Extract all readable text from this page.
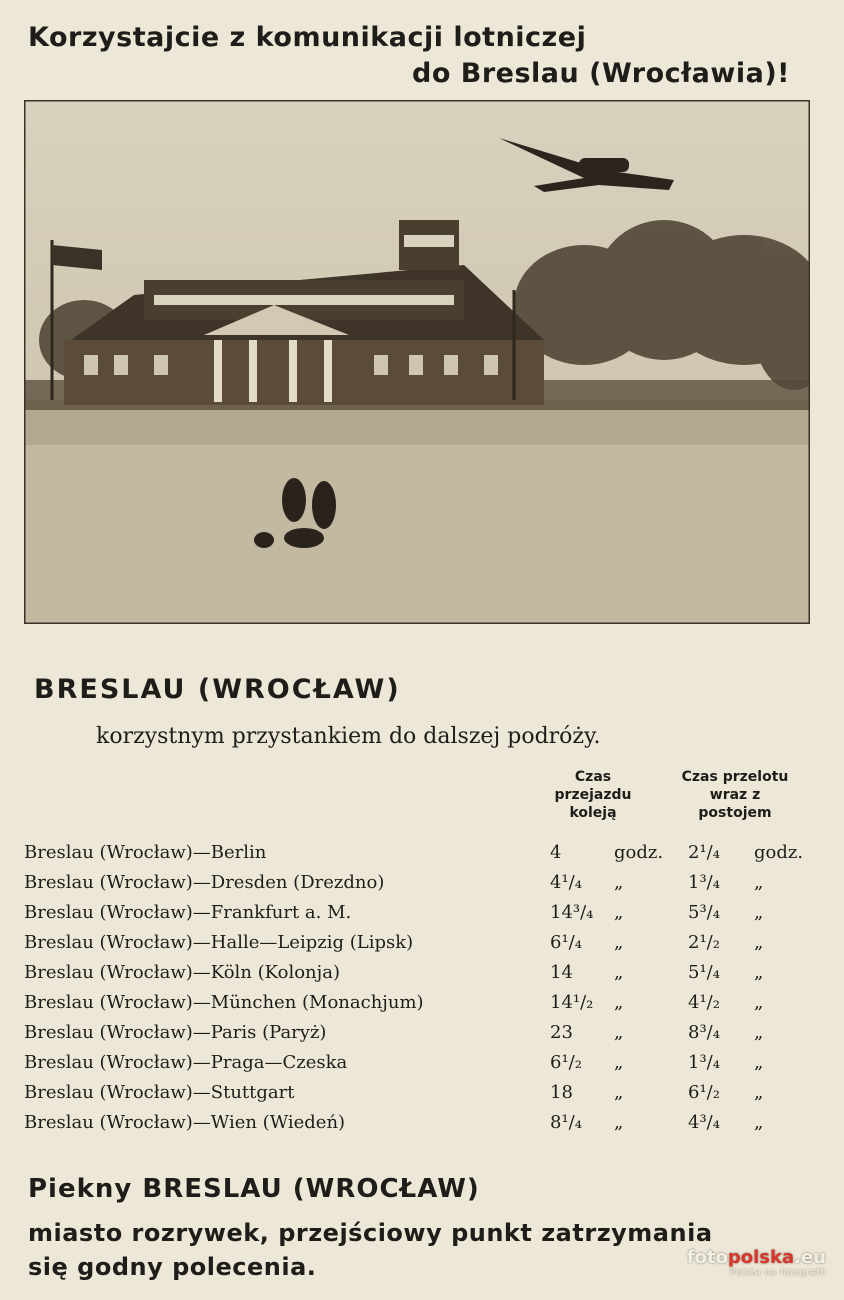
Korzystajcie z komunikacji lotniczej
do Breslau (Wrocławia)!
BRESLAU (WROCŁAW)

korzystnym przystankiem do dalszej podróży.

Czas
przejazdu
koleją
Czas przelotu
wraz z
postojem
Breslau (Wrocław)—Berlin	4	godz. 2¹/₄ godz.
Breslau (Wrocław)—Dresden (Drezdno)	4¹/₄ „	1³/₄ „
Breslau (Wrocław)—Frankfurt a. M.	14³/₄ „	5³/₄ „
Breslau (Wrocław)—Halle—Leipzig (Lipsk)	6¹/₄ „	2¹/₂ „
Breslau (Wrocław)—Köln (Kolonja)	14 „	5¹/₄ „
Breslau (Wrocław)—München (Monachjum)	14¹/₂ „	4¹/₂ „
Breslau (Wrocław)—Paris (Paryż)	23 „	8³/₄ „
Breslau (Wrocław)—Praga—Czeska	6¹/₂ „	1³/₄ „
Breslau (Wrocław)—Stuttgart	18 „	6¹/₂ „
Breslau (Wrocław)—Wien (Wiedeń)	8¹/₄ „	4³/₄ „
Piekny BRESLAU (WROCŁAW)
miasto rozrywek, przejściowy punkt zatrzymania
się godny polecenia.	fotopolska.eu
Polska na fotografii
